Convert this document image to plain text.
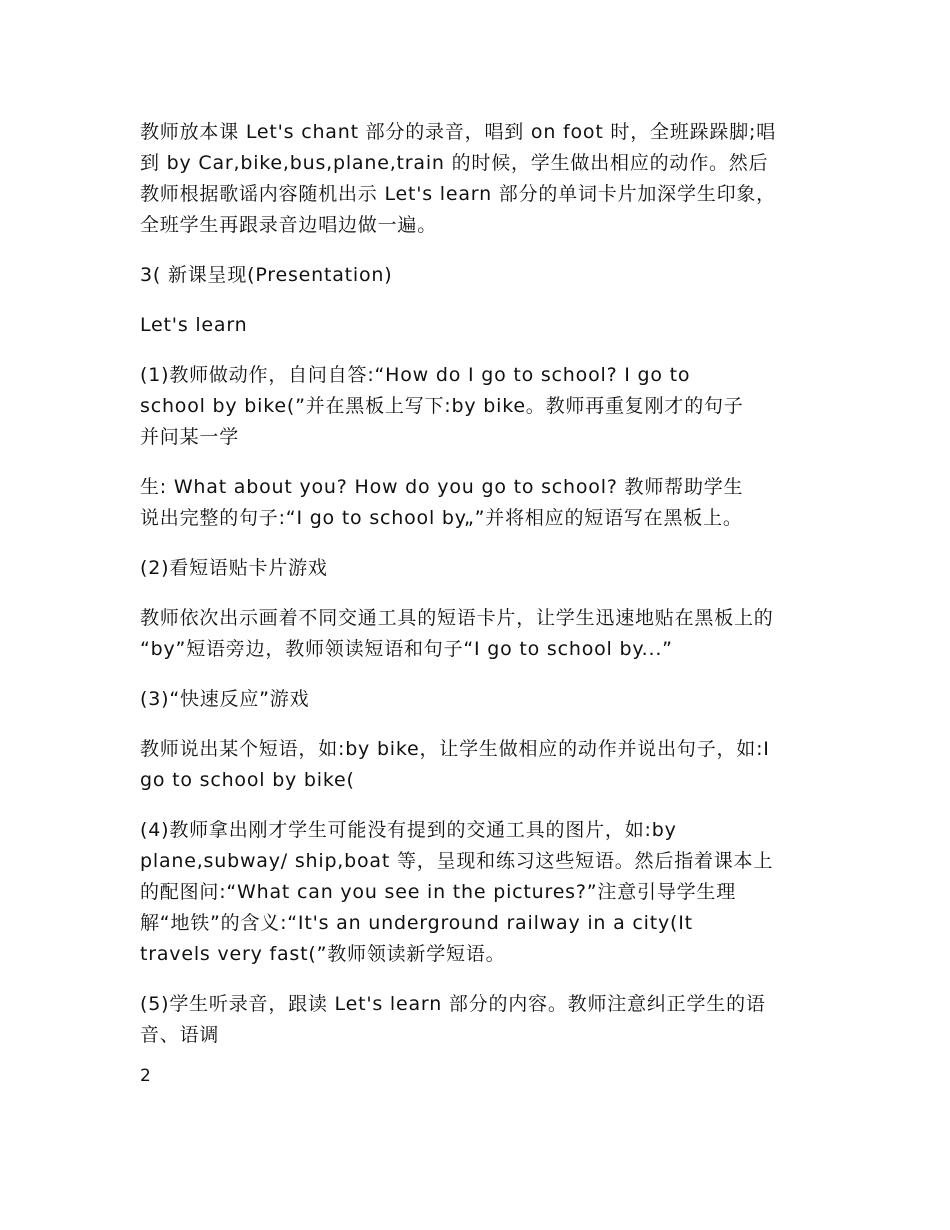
教师放本课 Let's chant 部分的录音，唱到 on foot 时，全班跺跺脚;唱
到 by Car,bike,bus,plane,train 的时候，学生做出相应的动作。然后
教师根据歌谣内容随机出示 Let's learn 部分的单词卡片加深学生印象，
全班学生再跟录音边唱边做一遍。

3( 新课呈现(Presentation)

Let's learn

(1)教师做动作，自问自答:“How do I go to school? I go to
school by bike(”并在黑板上写下:by bike。教师再重复刚才的句子
并问某一学

生: What about you? How do you go to school? 教师帮助学生
说出完整的句子:“I go to school by„”并将相应的短语写在黑板上。

(2)看短语贴卡片游戏

教师依次出示画着不同交通工具的短语卡片，让学生迅速地贴在黑板上的
“by”短语旁边，教师领读短语和句子“I go to school by...”

(3)“快速反应”游戏

教师说出某个短语，如:by bike，让学生做相应的动作并说出句子，如:I
go to school by bike(

(4)教师拿出刚才学生可能没有提到的交通工具的图片，如:by
plane,subway/ ship,boat 等，呈现和练习这些短语。然后指着课本上
的配图问:“What can you see in the pictures?”注意引导学生理
解“地铁”的含义:“It's an underground railway in a city(It
travels very fast(”教师领读新学短语。

(5)学生听录音，跟读 Let's learn 部分的内容。教师注意纠正学生的语
音、语调

2
